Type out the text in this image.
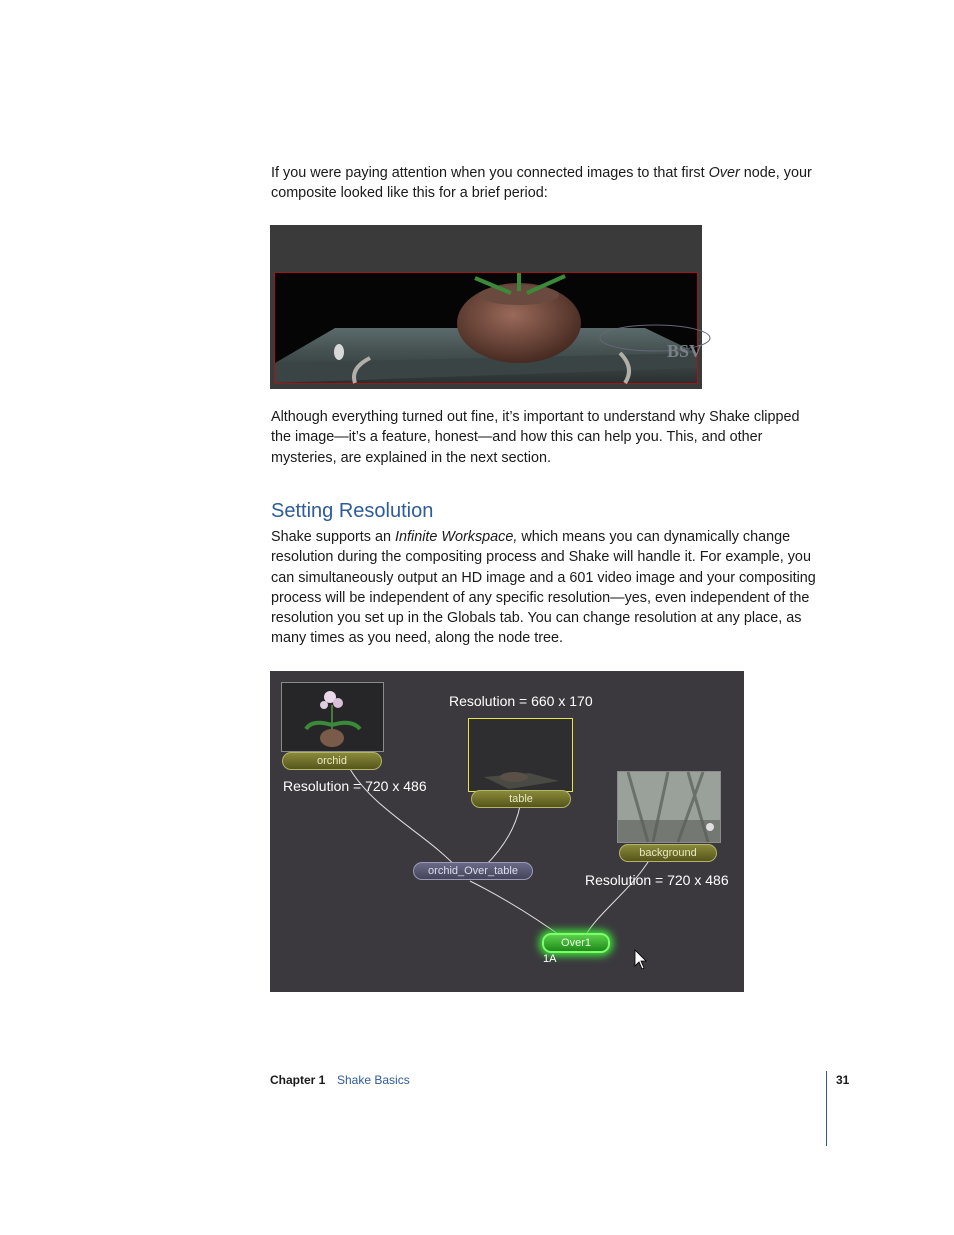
If you were paying attention when you connected images to that first Over node, your composite looked like this for a brief period:

BSV

Although everything turned out fine, it’s important to understand why Shake clipped the image—it’s a feature, honest—and how this can help you. This, and other mysteries, are explained in the next section.

Setting Resolution

Shake supports an Infinite Workspace, which means you can dynamically change resolution during the compositing process and Shake will handle it. For example, you can simultaneously output an HD image and a 601 video image and your compositing process will be independent of any specific resolution—yes, even independent of the resolution you set up in the Globals tab. You can change resolution at any place, as many times as you need, along the node tree.

orchid
table
background
orchid_Over_table
Over1
1A
Resolution = 660 x 170
Resolution = 720 x 486
Resolution = 720 x 486
Chapter 1 Shake Basics	31
